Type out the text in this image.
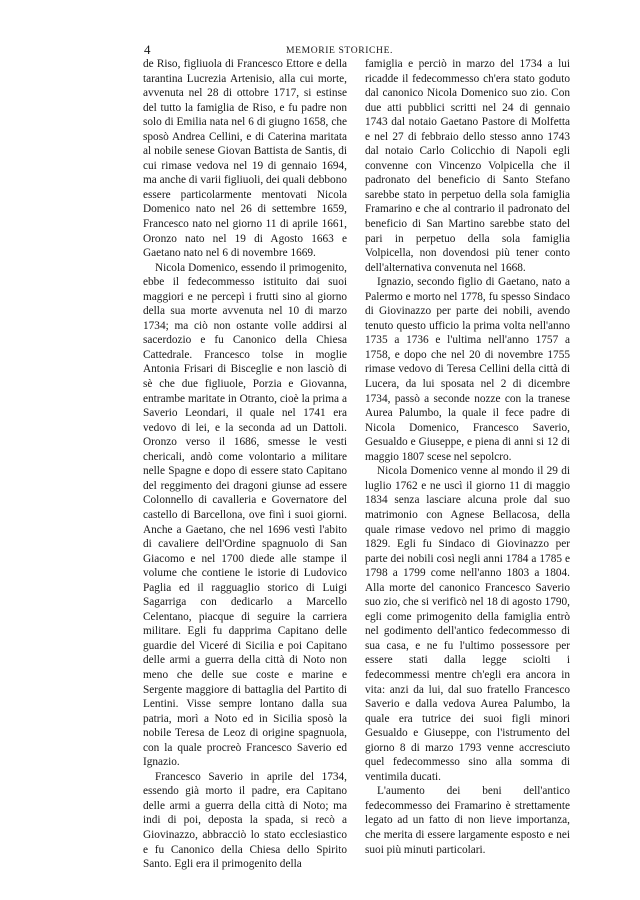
4	MEMORIE STORICHE.

de Riso, figliuola di Francesco Ettore e della tarantina Lucrezia Artenisio, alla cui morte, avvenuta nel 28 di ottobre 1717, si estinse del tutto la famiglia de Riso, e fu padre non solo di Emilia nata nel 6 di giugno 1658, che sposò Andrea Cellini, e di Caterina maritata al nobile senese Giovan Battista de Santis, di cui rimase vedova nel 19 di gennaio 1694, ma anche di varii figliuoli, dei quali debbono essere particolarmente mentovati Nicola Domenico nato nel 26 di settembre 1659, Francesco nato nel giorno 11 di aprile 1661, Oronzo nato nel 19 di Agosto 1663 e Gaetano nato nel 6 di novembre 1669.

Nicola Domenico, essendo il primogenito, ebbe il fedecommesso istituito dai suoi maggiori e ne percepì i frutti sino al giorno della sua morte avvenuta nel 10 di marzo 1734; ma ciò non ostante volle addirsi al sacerdozio e fu Canonico della Chiesa Cattedrale. Francesco tolse in moglie Antonia Frisari di Bisceglie e non lasciò di sè che due figliuole, Porzia e Giovanna, entrambe maritate in Otranto, cioè la prima a Saverio Leondari, il quale nel 1741 era vedovo di lei, e la seconda ad un Dattoli. Oronzo verso il 1686, smesse le vesti chericali, andò come volontario a militare nelle Spagne e dopo di essere stato Capitano del reggimento dei dragoni giunse ad essere Colonnello di cavalleria e Governatore del castello di Barcellona, ove finì i suoi giorni. Anche a Gaetano, che nel 1696 vestì l'abito di cavaliere dell'Ordine spagnuolo di San Giacomo e nel 1700 diede alle stampe il volume che contiene le istorie di Ludovico Paglia ed il ragguaglio storico di Luigi Sagarriga con dedicarlo a Marcello Celentano, piacque di seguire la carriera militare. Egli fu dapprima Capitano delle guardie del Viceré di Sicilia e poi Capitano delle armi a guerra della città di Noto non meno che delle sue coste e marine e Sergente maggiore di battaglia del Partito di Lentini. Visse sempre lontano dalla sua patria, morì a Noto ed in Sicilia sposò la nobile Teresa de Leoz di origine spagnuola, con la quale procreò Francesco Saverio ed Ignazio.

Francesco Saverio in aprile del 1734, essendo già morto il padre, era Capitano delle armi a guerra della città di Noto; ma indi di poi, deposta la spada, si recò a Giovinazzo, abbracciò lo stato ecclesiastico e fu Canonico della Chiesa dello Spirito Santo. Egli era il primogenito della

famiglia e perciò in marzo del 1734 a lui ricadde il fedecommesso ch'era stato goduto dal canonico Nicola Domenico suo zio. Con due atti pubblici scritti nel 24 di gennaio 1743 dal notaio Gaetano Pastore di Molfetta e nel 27 di febbraio dello stesso anno 1743 dal notaio Carlo Colicchio di Napoli egli convenne con Vincenzo Volpicella che il padronato del beneficio di Santo Stefano sarebbe stato in perpetuo della sola famiglia Framarino e che al contrario il padronato del beneficio di San Martino sarebbe stato del pari in perpetuo della sola famiglia Volpicella, non dovendosi più tener conto dell'alternativa convenuta nel 1668.

Ignazio, secondo figlio di Gaetano, nato a Palermo e morto nel 1778, fu spesso Sindaco di Giovinazzo per parte dei nobili, avendo tenuto questo ufficio la prima volta nell'anno 1735 a 1736 e l'ultima nell'anno 1757 a 1758, e dopo che nel 20 di novembre 1755 rimase vedovo di Teresa Cellini della città di Lucera, da lui sposata nel 2 di dicembre 1734, passò a seconde nozze con la tranese Aurea Palumbo, la quale il fece padre di Nicola Domenico, Francesco Saverio, Gesualdo e Giuseppe, e piena di anni si 12 di maggio 1807 scese nel sepolcro.

Nicola Domenico venne al mondo il 29 di luglio 1762 e ne uscì il giorno 11 di maggio 1834 senza lasciare alcuna prole dal suo matrimonio con Agnese Bellacosa, della quale rimase vedovo nel primo di maggio 1829. Egli fu Sindaco di Giovinazzo per parte dei nobili così negli anni 1784 a 1785 e 1798 a 1799 come nell'anno 1803 a 1804. Alla morte del canonico Francesco Saverio suo zio, che si verificò nel 18 di agosto 1790, egli come primogenito della famiglia entrò nel godimento dell'antico fedecommesso di sua casa, e ne fu l'ultimo possessore per essere stati dalla legge sciolti i fedecommessi mentre ch'egli era ancora in vita: anzi da lui, dal suo fratello Francesco Saverio e dalla vedova Aurea Palumbo, la quale era tutrice dei suoi figli minori Gesualdo e Giuseppe, con l'istrumento del giorno 8 di marzo 1793 venne accresciuto quel fedecommesso sino alla somma di ventimila ducati.

L'aumento dei beni dell'antico fedecommesso dei Framarino è strettamente legato ad un fatto di non lieve importanza, che merita di essere largamente esposto e nei suoi più minuti particolari.
